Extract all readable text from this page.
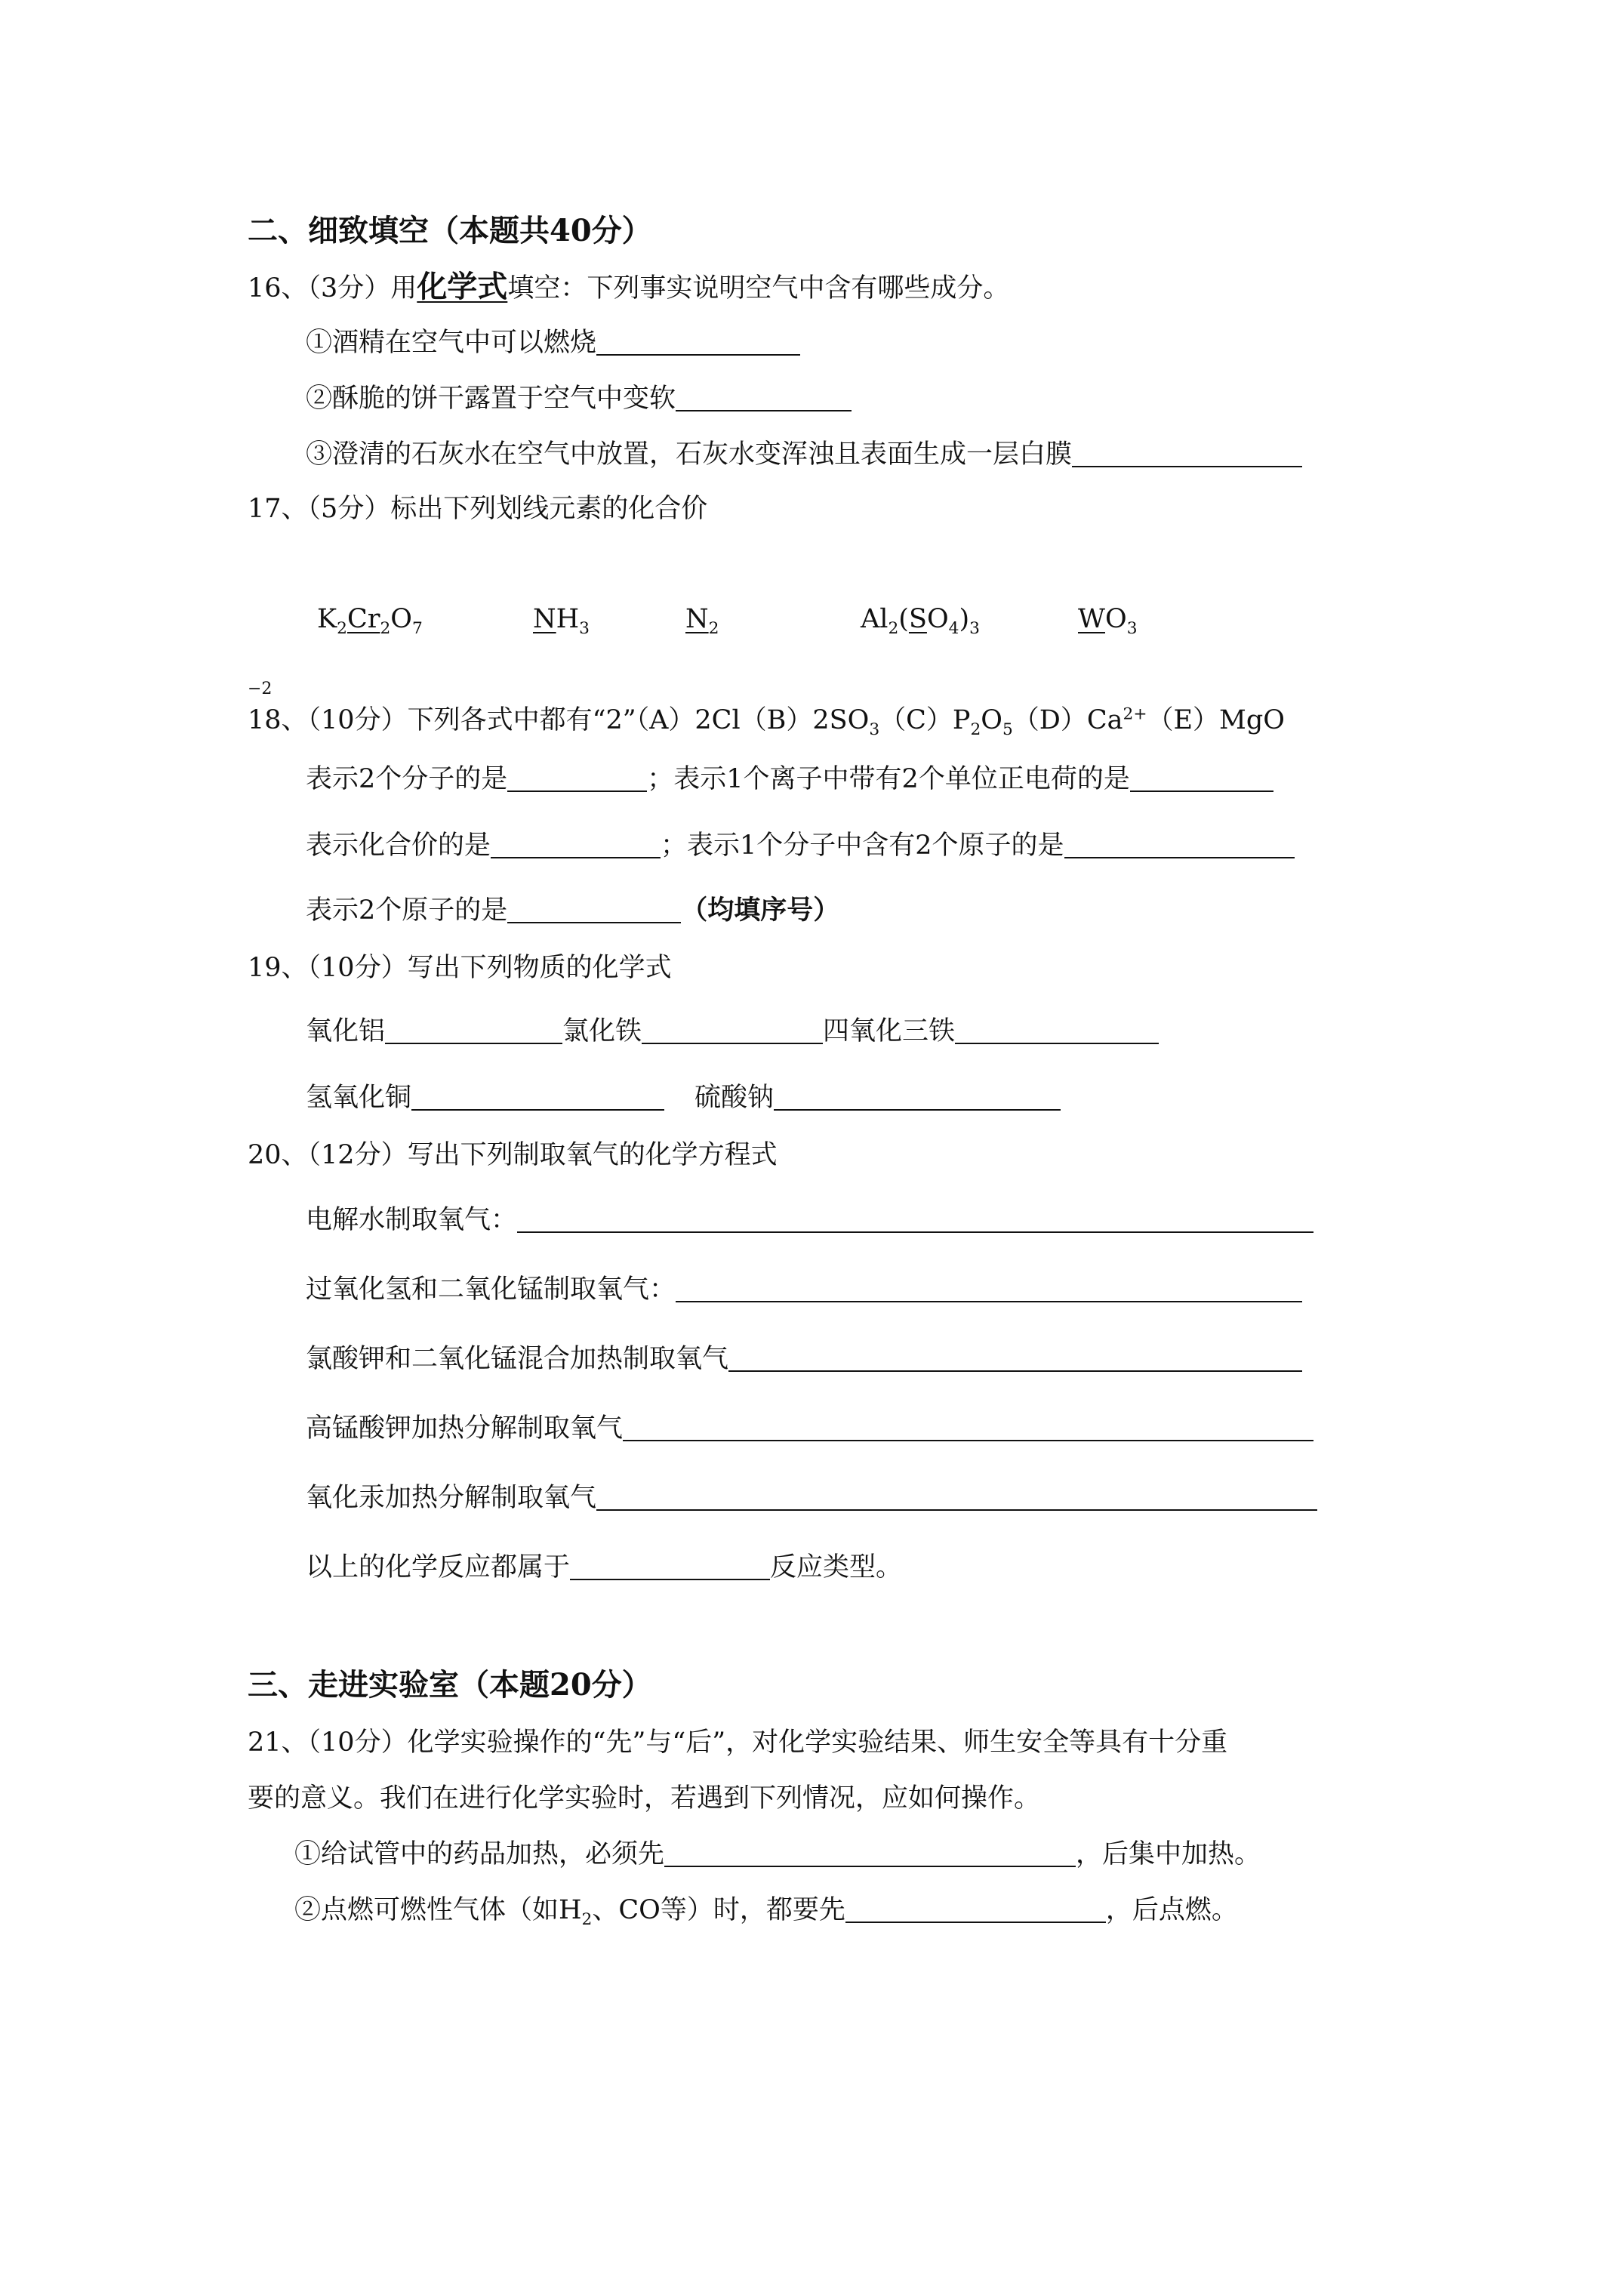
二、细致填空（本题共40分）
16、（3分）用化学式填空：下列事实说明空气中含有哪些成分。
①酒精在空气中可以燃烧
②酥脆的饼干露置于空气中变软
③澄清的石灰水在空气中放置，石灰水变浑浊且表面生成一层白膜
17、（5分）标出下列划线元素的化合价
$K_2Cr_2O_7$	$NH_3$	$N_2$	$Al_2(SO_4)_3$	$WO_3$
−2
18、（10分）下列各式中都有“$2”(A)2Cl(B)2SO_3(C)P_2O_5(D)Ca^{2+}(E)MgO$
表示2个分子的是	；表示1个离子中带有2个单位正电荷的是
表示化合价的是	；表示1个分子中含有2个原子的是
表示2个原子的是	（均填序号）
19、（10分）写出下列物质的化学式
氧化铝	氯化铁	四氧化三铁
氢氧化铜	硫酸钠
20、（12分）写出下列制取氧气的化学方程式
电解水制取氧气：
过氧化氢和二氧化锰制取氧气：
氯酸钾和二氧化锰混合加热制取氧气
高锰酸钾加热分解制取氧气
氧化汞加热分解制取氧气
以上的化学反应都属于	反应类型。
三、走进实验室（本题20分）
21、（10分）化学实验操作的“先”与“后”，对化学实验结果、师生安全等具有十分重
要的意义。我们在进行化学实验时，若遇到下列情况，应如何操作。
①给试管中的药品加热，必须先	，后集中加热。
②点燃可燃性气体（如$H_2$、CO等）时，都要先	，后点燃。
